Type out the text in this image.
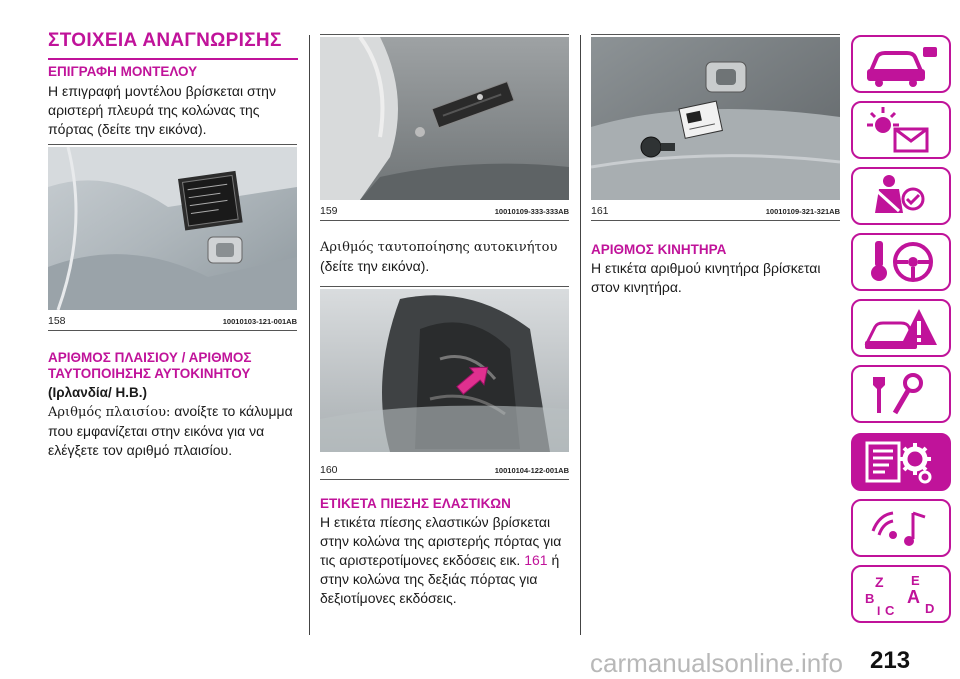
ΣΤΟΙΧΕΙΑ ΑΝΑΓΝΩΡΙΣΗΣ
ΕΠΙΓΡΑΦΗ ΜΟΝΤΕΛΟΥ
Η επιγραφή μοντέλου βρίσκεται στην
αριστερή πλευρά της κολώνας της
πόρτας (δείτε την εικόνα).
158	10010103-121-001AB
ΑΡΙΘΜΟΣ ΠΛΑΙΣΙΟΥ / ΑΡΙΘΜΟΣ
ΤΑΥΤΟΠΟΙΗΣΗΣ ΑΥΤΟΚΙΝΗΤΟΥ
(Ιρλανδία/ Η.Β.)
Αριθμός πλαισίου: ανοίξτε το κάλυμμα
που εμφανίζεται στην εικόνα για να
ελέγξετε τον αριθμό πλαισίου.
159	10010109-333-333AB
Αριθμός ταυτοποίησης αυτοκινήτου
(δείτε την εικόνα).
160	10010104-122-001AB
ΕΤΙΚΕΤΑ ΠΙΕΣΗΣ ΕΛΑΣΤΙΚΩΝ
Η ετικέτα πίεσης ελαστικών βρίσκεται
στην κολώνα της αριστερής πόρτας για
τις αριστεροτίμονες εκδόσεις εικ. 161 ή
στην κολώνα της δεξιάς πόρτας για
δεξιοτίμονες εκδόσεις.
161	10010109-321-321AB
ΑΡΙΘΜΟΣ ΚΙΝΗΤΗΡΑ
Η ετικέτα αριθμού κινητήρα βρίσκεται
στον κινητήρα.
Z E
B A
C D
I
213
carmanualsonline.info
